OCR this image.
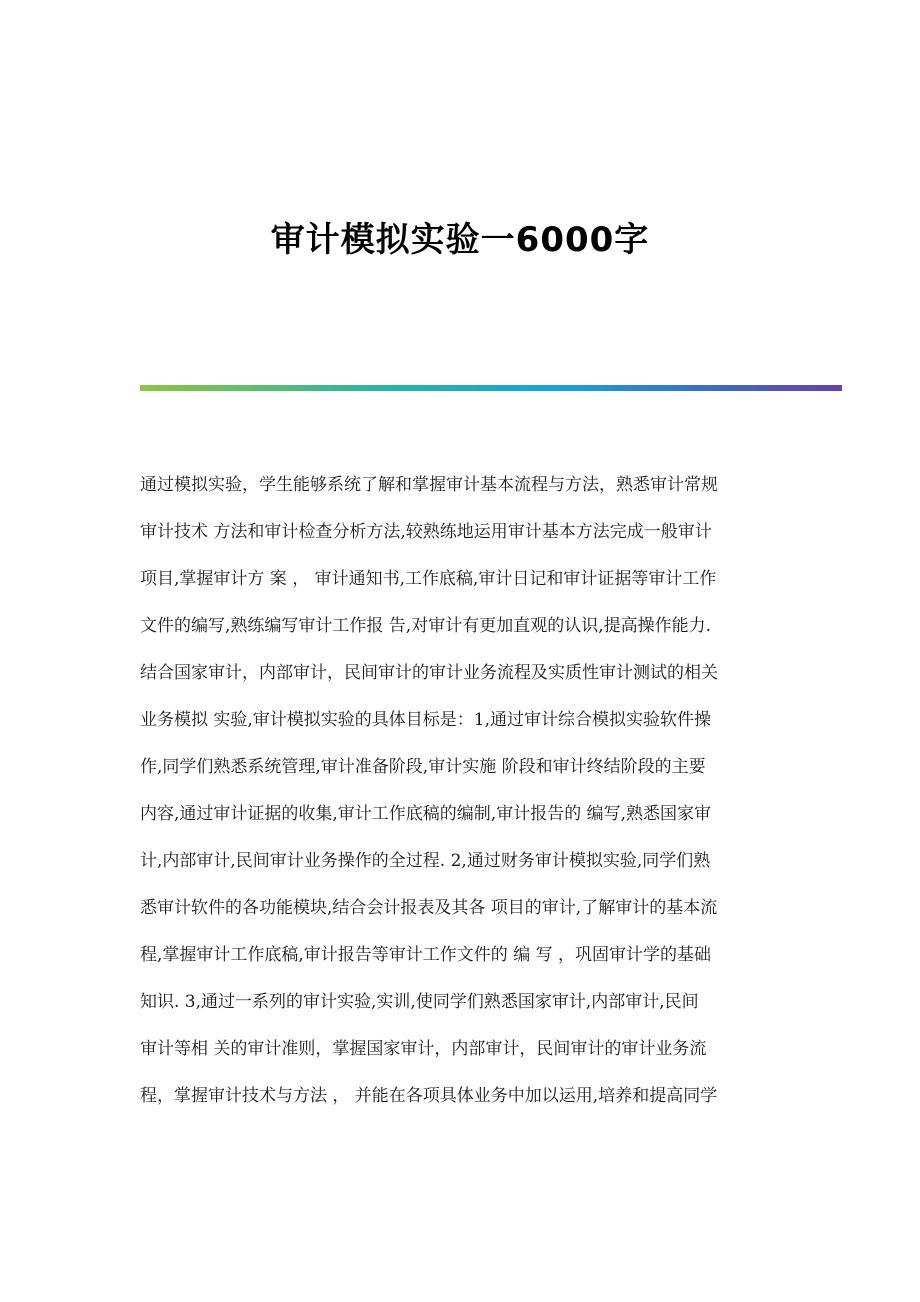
审计模拟实验一6000字
通过模拟实验，学生能够系统了解和掌握审计基本流程与方法，熟悉审计常规
审计技术 方法和审计检查分析方法,较熟练地运用审计基本方法完成一般审计
项目,掌握审计方 案 ， 审计通知书,工作底稿,审计日记和审计证据等审计工作
文件的编写,熟练编写审计工作报 告,对审计有更加直观的认识,提高操作能力.
结合国家审计，内部审计，民间审计的审计业务流程及实质性审计测试的相关
业务模拟 实验,审计模拟实验的具体目标是：1,通过审计综合模拟实验软件操
作,同学们熟悉系统管理,审计准备阶段,审计实施 阶段和审计终结阶段的主要
内容,通过审计证据的收集,审计工作底稿的编制,审计报告的 编写,熟悉国家审
计,内部审计,民间审计业务操作的全过程. 2,通过财务审计模拟实验,同学们熟
悉审计软件的各功能模块,结合会计报表及其各 项目的审计,了解审计的基本流
程,掌握审计工作底稿,审计报告等审计工作文件的 编 写 ，巩固审计学的基础
知识. 3,通过一系列的审计实验,实训,使同学们熟悉国家审计,内部审计,民间
审计等相 关的审计准则，掌握国家审计，内部审计，民间审计的审计业务流
程，掌握审计技术与方法 ， 并能在各项具体业务中加以运用,培养和提高同学
